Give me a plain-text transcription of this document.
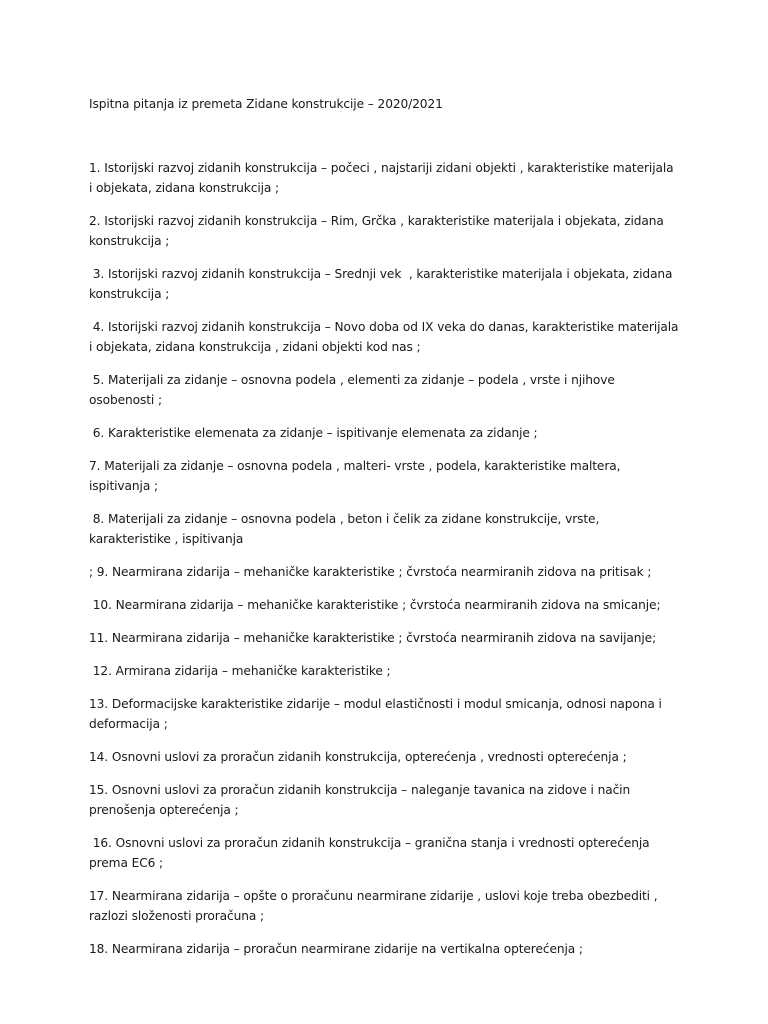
Ispitna pitanja iz premeta Zidane konstrukcije – 2020/2021

1. Istorijski razvoj zidanih konstrukcija – počeci , najstariji zidani objekti , karakteristike materijala i objekata, zidana konstrukcija ;

2. Istorijski razvoj zidanih konstrukcija – Rim, Grčka , karakteristike materijala i objekata, zidana konstrukcija ;

3. Istorijski razvoj zidanih konstrukcija – Srednji vek  , karakteristike materijala i objekata, zidana konstrukcija ;

4. Istorijski razvoj zidanih konstrukcija – Novo doba od IX veka do danas, karakteristike materijala i objekata, zidana konstrukcija , zidani objekti kod nas ;

5. Materijali za zidanje – osnovna podela , elementi za zidanje – podela , vrste i njihove osobenosti ;

6. Karakteristike elemenata za zidanje – ispitivanje elemenata za zidanje ;

7. Materijali za zidanje – osnovna podela , malteri- vrste , podela, karakteristike maltera, ispitivanja ;

8. Materijali za zidanje – osnovna podela , beton i čelik za zidane konstrukcije, vrste, karakteristike , ispitivanja

; 9. Nearmirana zidarija – mehaničke karakteristike ; čvrstoća nearmiranih zidova na pritisak ;

10. Nearmirana zidarija – mehaničke karakteristike ; čvrstoća nearmiranih zidova na smicanje;

11. Nearmirana zidarija – mehaničke karakteristike ; čvrstoća nearmiranih zidova na savijanje;

12. Armirana zidarija – mehaničke karakteristike ;

13. Deformacijske karakteristike zidarije – modul elastičnosti i modul smicanja, odnosi napona i deformacija ;

14. Osnovni uslovi za proračun zidanih konstrukcija, opterećenja , vrednosti opterećenja ;

15. Osnovni uslovi za proračun zidanih konstrukcija – naleganje tavanica na zidove i način prenošenja opterećenja ;

16. Osnovni uslovi za proračun zidanih konstrukcija – granična stanja i vrednosti opterećenja prema EC6 ;

17. Nearmirana zidarija – opšte o proračunu nearmirane zidarije , uslovi koje treba obezbediti , razlozi složenosti proračuna ;

18. Nearmirana zidarija – proračun nearmirane zidarije na vertikalna opterećenja ;
